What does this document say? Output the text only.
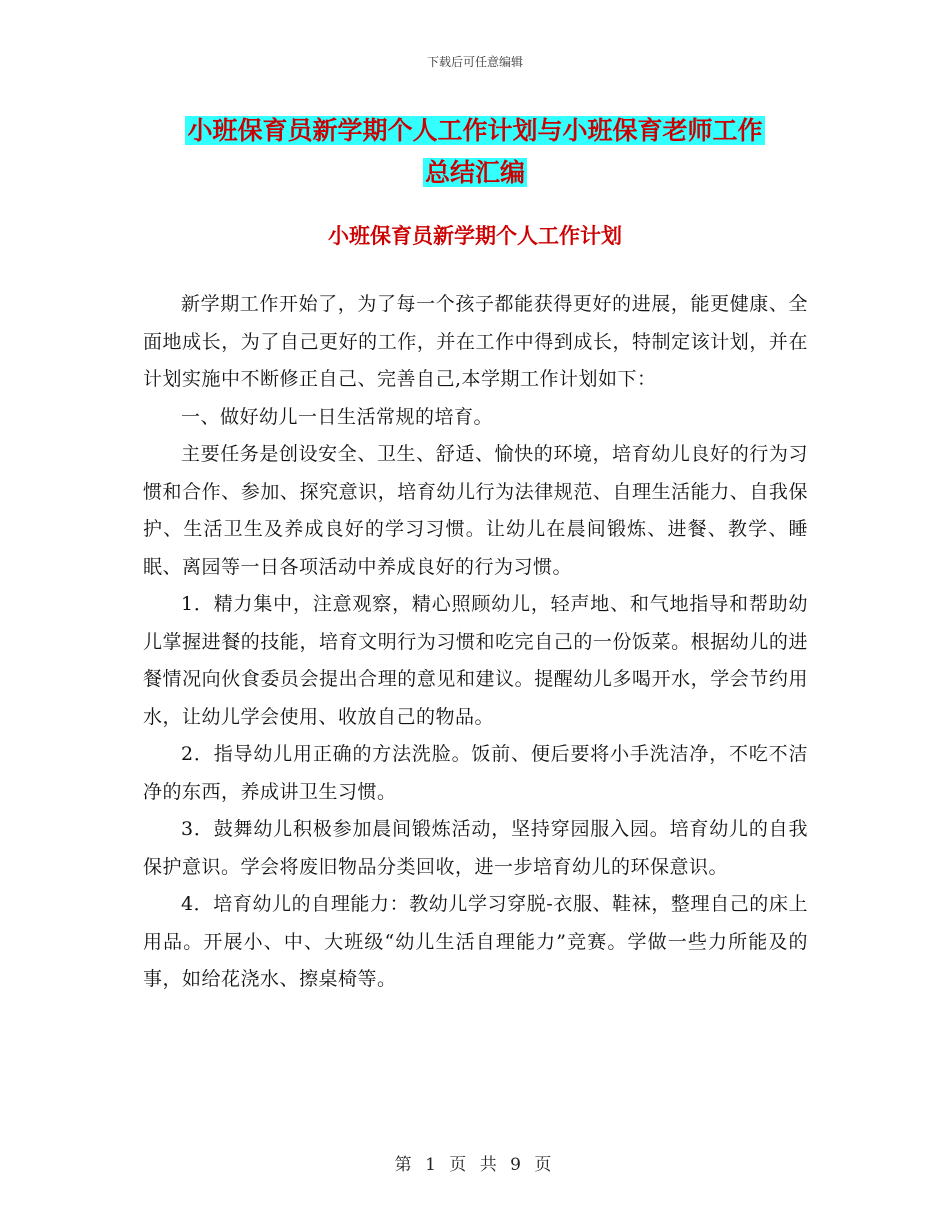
下载后可任意编辑
小班保育员新学期个人工作计划与小班保育老师工作
总结汇编
小班保育员新学期个人工作计划

新学期工作开始了，为了每一个孩子都能获得更好的进展，能更健康、全面地成长，为了自己更好的工作，并在工作中得到成长，特制定该计划，并在计划实施中不断修正自己、完善自己,本学期工作计划如下：

一、做好幼儿一日生活常规的培育。

主要任务是创设安全、卫生、舒适、愉快的环境，培育幼儿良好的行为习惯和合作、参加、探究意识，培育幼儿行为法律规范、自理生活能力、自我保护、生活卫生及养成良好的学习习惯。让幼儿在晨间锻炼、进餐、教学、睡眠、离园等一日各项活动中养成良好的行为习惯。

1．精力集中，注意观察，精心照顾幼儿，轻声地、和气地指导和帮助幼儿掌握进餐的技能，培育文明行为习惯和吃完自己的一份饭菜。根据幼儿的进餐情况向伙食委员会提出合理的意见和建议。提醒幼儿多喝开水，学会节约用水，让幼儿学会使用、收放自己的物品。

2．指导幼儿用正确的方法洗脸。饭前、便后要将小手洗洁净，不吃不洁净的东西，养成讲卫生习惯。

3．鼓舞幼儿积极参加晨间锻炼活动，坚持穿园服入园。培育幼儿的自我保护意识。学会将废旧物品分类回收，进一步培育幼儿的环保意识。

4．培育幼儿的自理能力：教幼儿学习穿脱-衣服、鞋袜，整理自己的床上用品。开展小、中、大班级“幼儿生活自理能力”竞赛。学做一些力所能及的事，如给花浇水、擦桌椅等。

第 1 页 共 9 页
